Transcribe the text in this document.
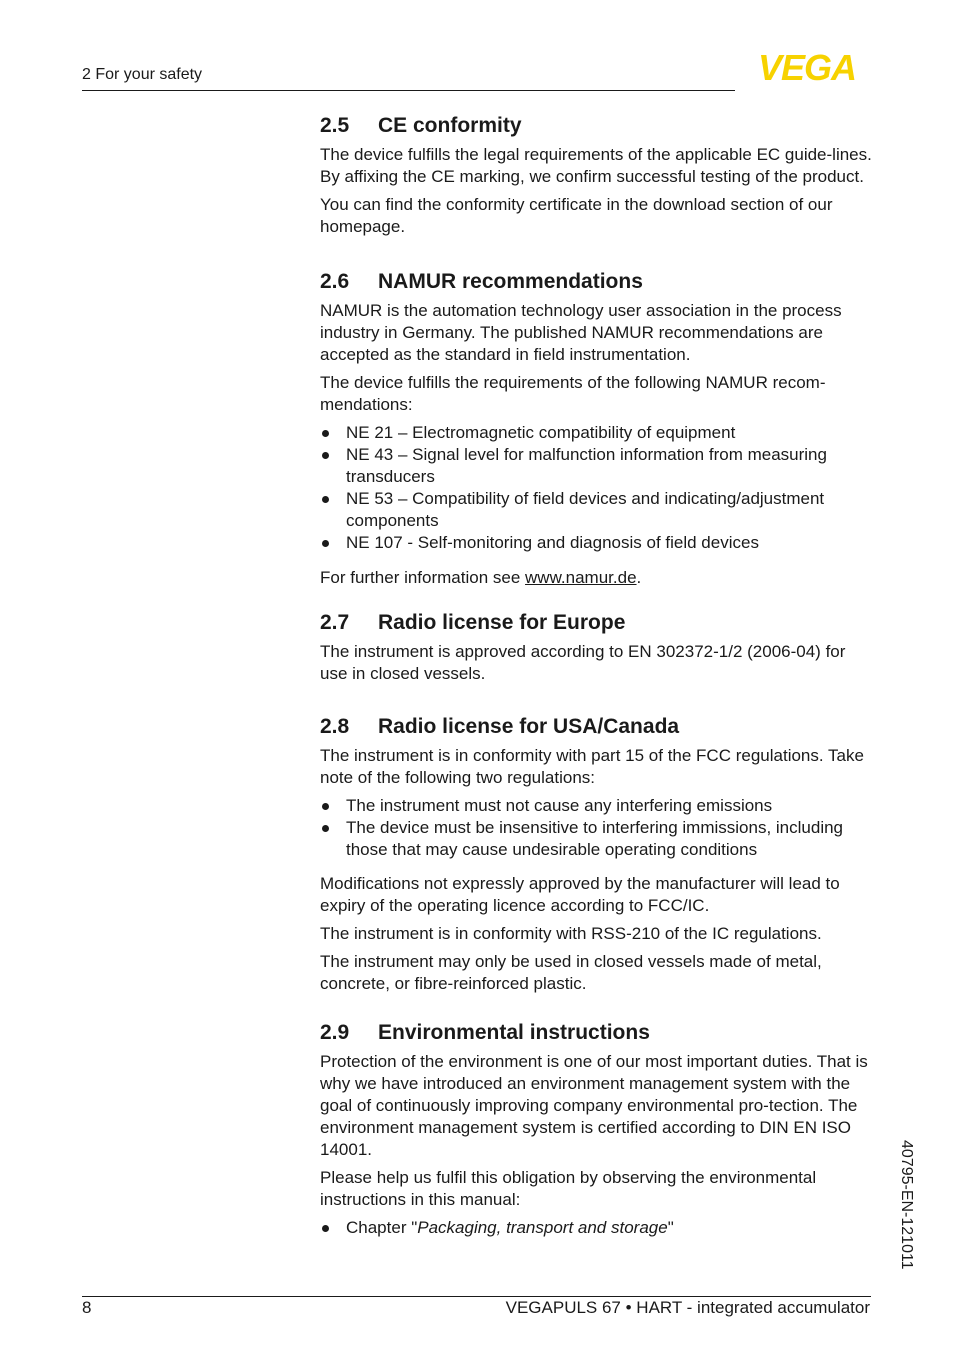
2 For your safety	VEGA
2.5 CE conformity

The device fulfills the legal requirements of the applicable EC guide-lines. By affixing the CE marking, we confirm successful testing of the product.

You can find the conformity certificate in the download section of our homepage.

2.6 NAMUR recommendations

NAMUR is the automation technology user association in the process industry in Germany. The published NAMUR recommendations are accepted as the standard in field instrumentation.

The device fulfills the requirements of the following NAMUR recom-mendations:

NE 21 – Electromagnetic compatibility of equipment
NE 43 – Signal level for malfunction information from measuring transducers
NE 53 – Compatibility of field devices and indicating/adjustment components
NE 107 - Self-monitoring and diagnosis of field devices

For further information see www.namur.de.

2.7 Radio license for Europe

The instrument is approved according to EN 302372-1/2 (2006-04) for use in closed vessels.

2.8 Radio license for USA/Canada

The instrument is in conformity with part 15 of the FCC regulations. Take note of the following two regulations:

The instrument must not cause any interfering emissions
The device must be insensitive to interfering immissions, including those that may cause undesirable operating conditions

Modifications not expressly approved by the manufacturer will lead to expiry of the operating licence according to FCC/IC.

The instrument is in conformity with RSS-210 of the IC regulations.

The instrument may only be used in closed vessels made of metal, concrete, or fibre-reinforced plastic.

2.9 Environmental instructions

Protection of the environment is one of our most important duties. That is why we have introduced an environment management system with the goal of continuously improving company environmental pro-tection. The environment management system is certified according to DIN EN ISO 14001.

Please help us fulfil this obligation by observing the environmental instructions in this manual:

Chapter "Packaging, transport and storage"	40795-EN-121011
8	VEGAPULS 67 • HART - integrated accumulator
